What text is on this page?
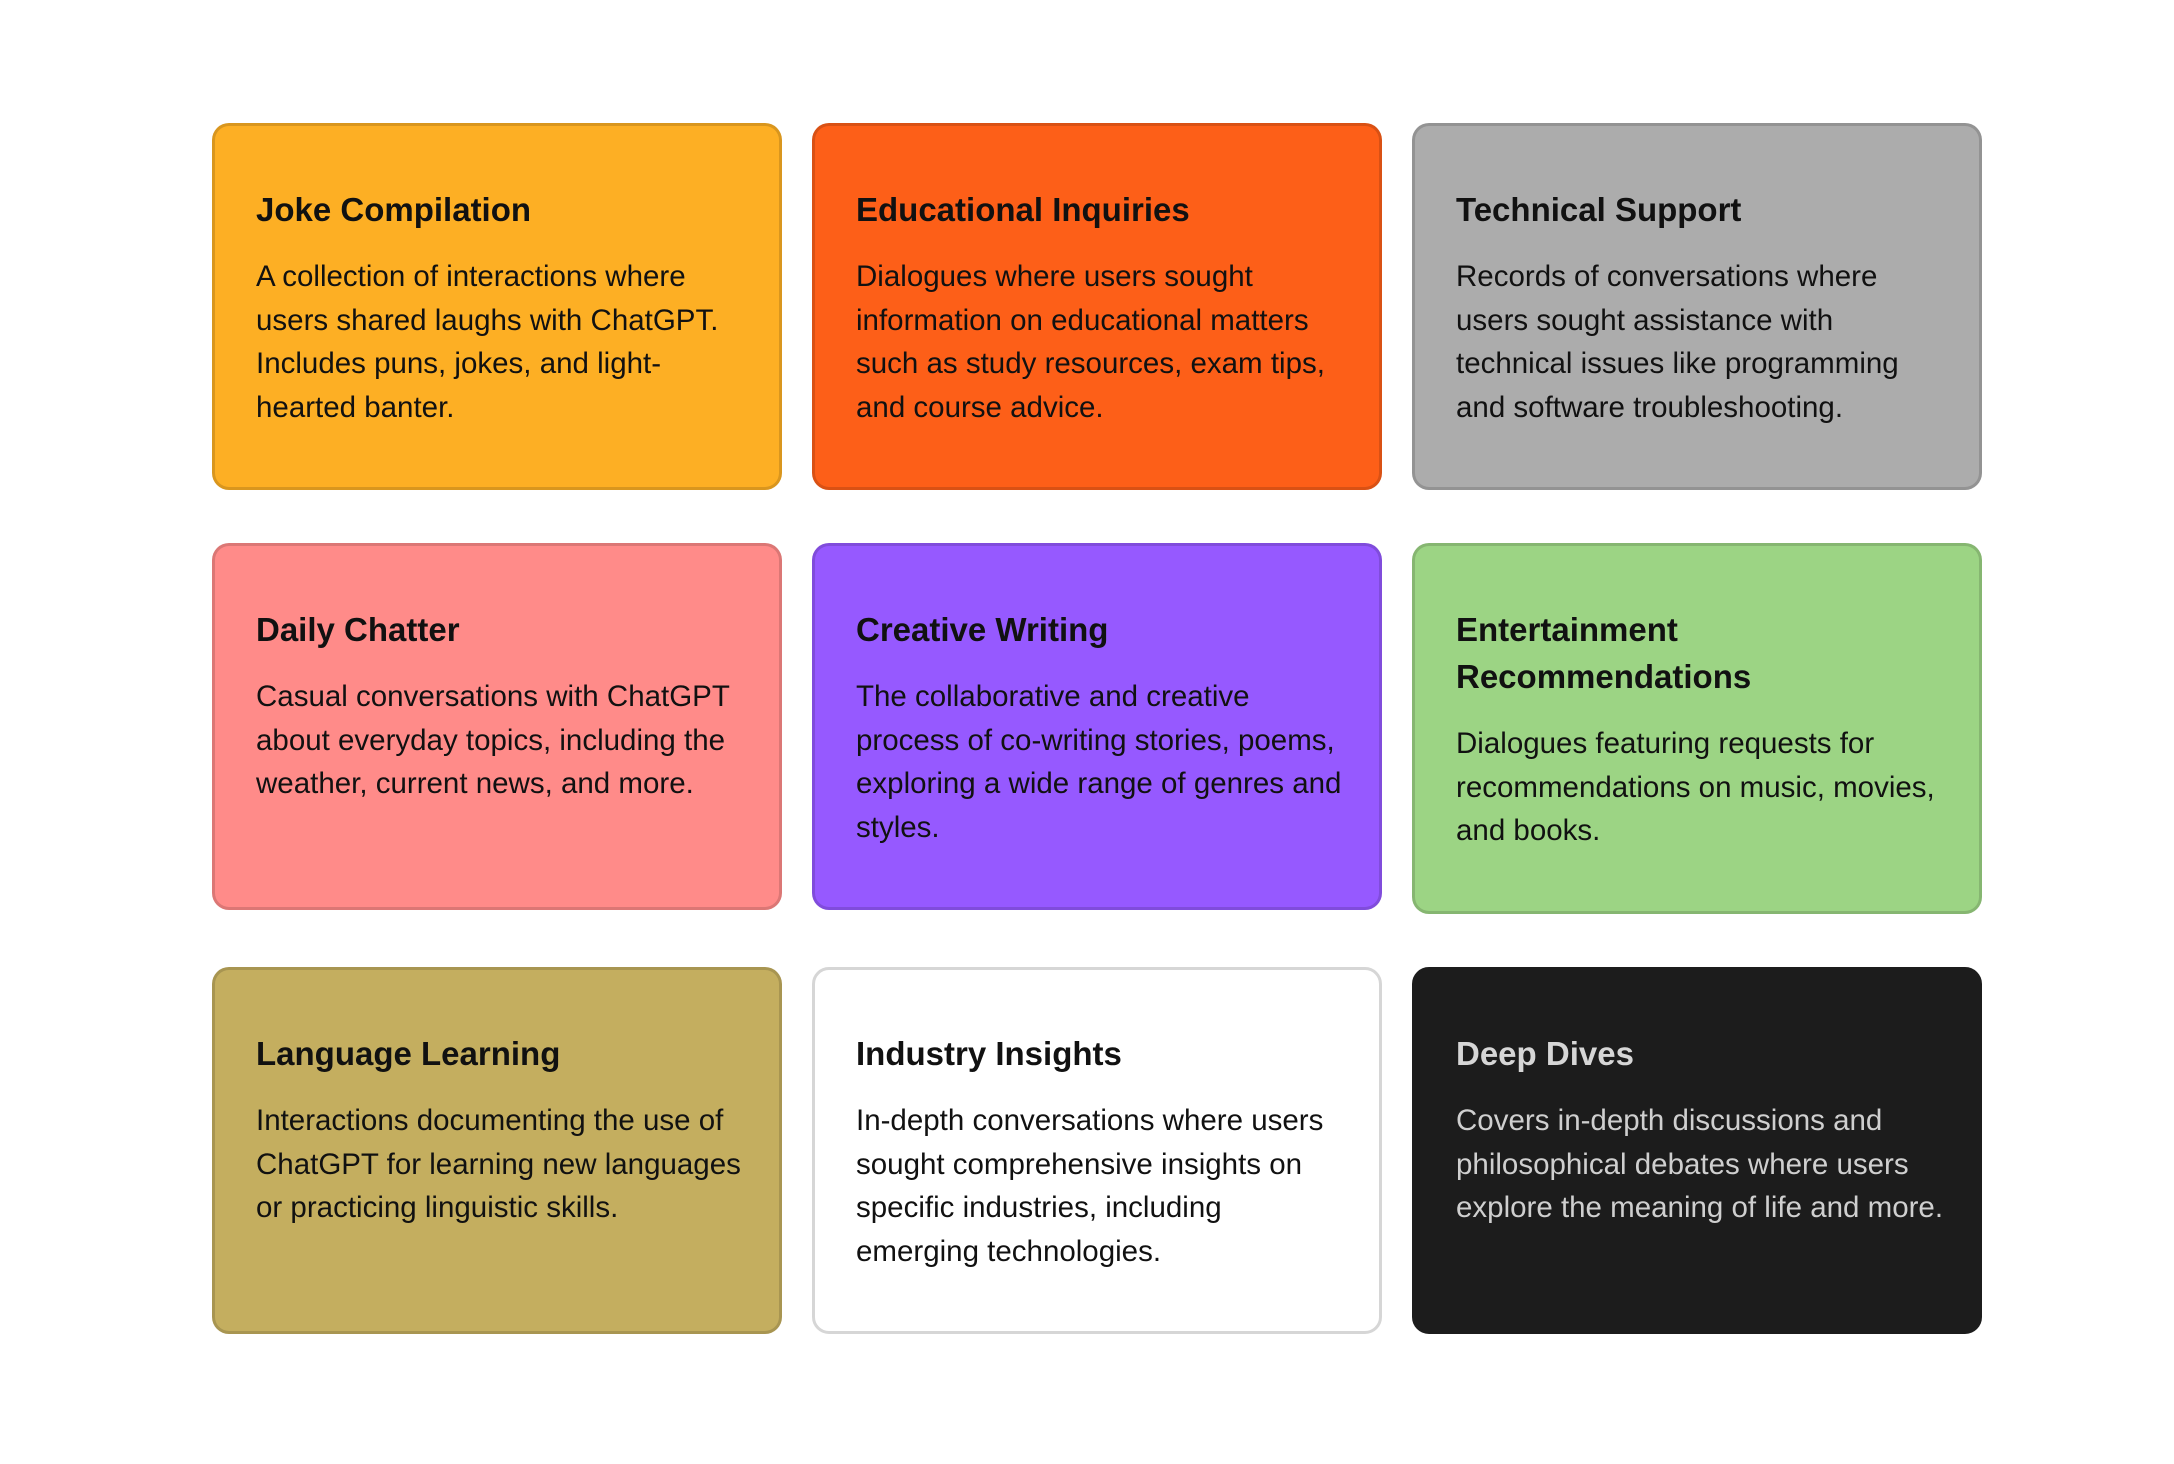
Joke Compilation

A collection of interactions where users shared laughs with ChatGPT. Includes puns, jokes, and light-hearted banter.

Educational Inquiries

Dialogues where users sought information on educational matters such as study resources, exam tips, and course advice.

Technical Support

Records of conversations where users sought assistance with technical issues like programming and software troubleshooting.

Daily Chatter

Casual conversations with ChatGPT about everyday topics, including the weather, current news, and more.

Creative Writing

The collaborative and creative process of co-writing stories, poems, exploring a wide range of genres and styles.

Entertainment Recommendations

Dialogues featuring requests for recommendations on music, movies, and books.

Language Learning

Interactions documenting the use of ChatGPT for learning new languages or practicing linguistic skills.

Industry Insights

In-depth conversations where users sought comprehensive insights on specific industries, including emerging technologies.

Deep Dives

Covers in-depth discussions and philosophical debates where users explore the meaning of life and more.
